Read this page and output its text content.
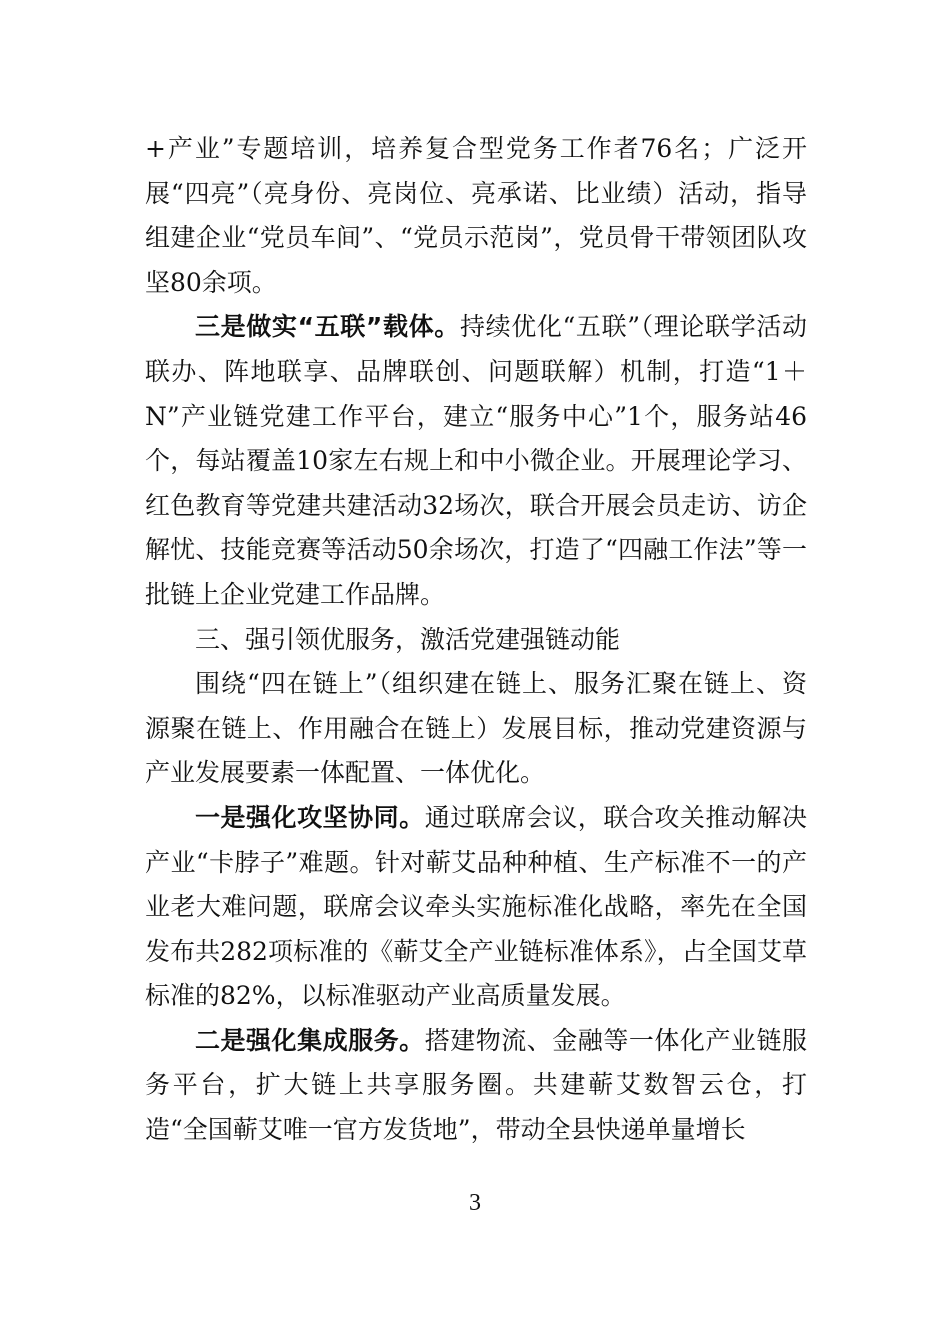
+产业”专题培训，培养复合型党务工作者76名；广泛开展“四亮”（亮身份、亮岗位、亮承诺、比业绩）活动，指导组建企业“党员车间”、“党员示范岗”，党员骨干带领团队攻坚80余项。

三是做实“五联”载体。持续优化“五联”（理论联学活动联办、阵地联享、品牌联创、问题联解）机制，打造“1＋N”产业链党建工作平台，建立“服务中心”1个，服务站46个，每站覆盖10家左右规上和中小微企业。开展理论学习、红色教育等党建共建活动32场次，联合开展会员走访、访企解忧、技能竞赛等活动50余场次，打造了“四融工作法”等一批链上企业党建工作品牌。

三、强引领优服务，激活党建强链动能

围绕“四在链上”（组织建在链上、服务汇聚在链上、资源聚在链上、作用融合在链上）发展目标，推动党建资源与产业发展要素一体配置、一体优化。

一是强化攻坚协同。通过联席会议，联合攻关推动解决产业“卡脖子”难题。针对蕲艾品种种植、生产标准不一的产业老大难问题，联席会议牵头实施标准化战略，率先在全国发布共282项标准的《蕲艾全产业链标准体系》，占全国艾草标准的82%，以标准驱动产业高质量发展。

二是强化集成服务。搭建物流、金融等一体化产业链服务平台，扩大链上共享服务圈。共建蕲艾数智云仓，打造“全国蕲艾唯一官方发货地”，带动全县快递单量增长

3
